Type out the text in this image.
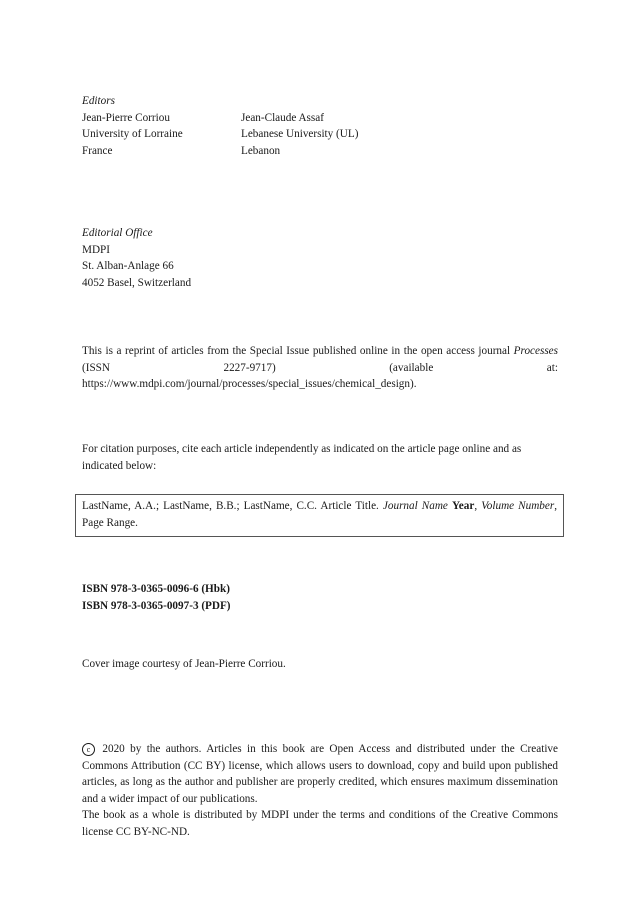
Editors
Jean-Pierre Corriou
University of Lorraine
France
Jean-Claude Assaf
Lebanese University (UL)
Lebanon
Editorial Office
MDPI
St. Alban-Anlage 66
4052 Basel, Switzerland
This is a reprint of articles from the Special Issue published online in the open access journal Processes (ISSN 2227-9717) (available at: https://www.mdpi.com/journal/processes/special_issues/chemical_design).
For citation purposes, cite each article independently as indicated on the article page online and as indicated below:
LastName, A.A.; LastName, B.B.; LastName, C.C. Article Title. Journal Name Year, Volume Number, Page Range.
ISBN 978-3-0365-0096-6 (Hbk)
ISBN 978-3-0365-0097-3 (PDF)
Cover image courtesy of Jean-Pierre Corriou.
c 2020 by the authors. Articles in this book are Open Access and distributed under the Creative Commons Attribution (CC BY) license, which allows users to download, copy and build upon published articles, as long as the author and publisher are properly credited, which ensures maximum dissemination and a wider impact of our publications.
The book as a whole is distributed by MDPI under the terms and conditions of the Creative Commons license CC BY-NC-ND.
